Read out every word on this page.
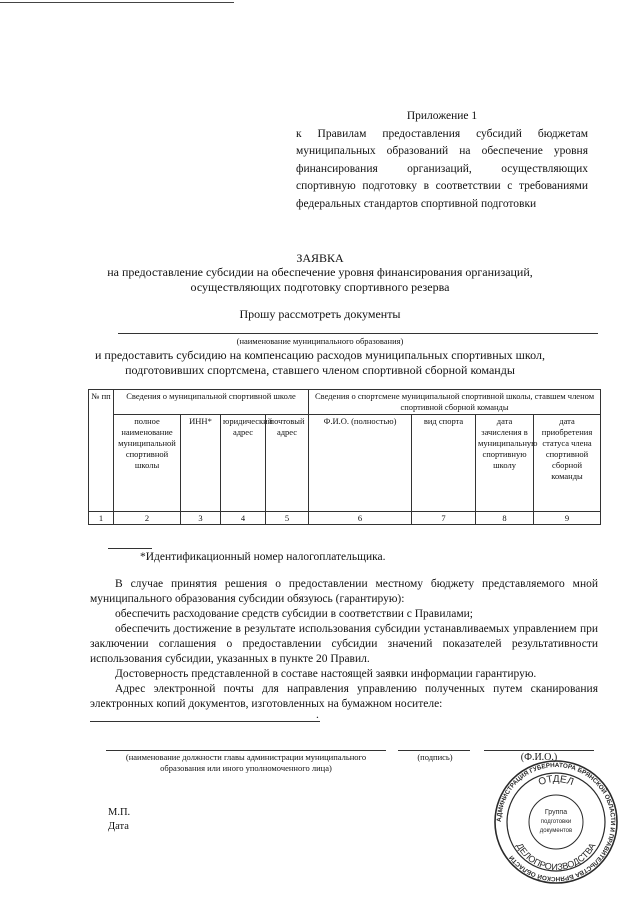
Приложение 1
к Правилам предоставления субсидий бюджетам муниципальных образований на обеспечение уровня финансирования организаций, осуществляющих спортивную подготовку в соответствии с требованиями федеральных стандартов спортивной подготовки
ЗАЯВКА
на предоставление субсидии на обеспечение уровня финансирования организаций,
осуществляющих подготовку спортивного резерва
Прошу рассмотреть документы
(наименование муниципального образования)
и предоставить субсидию на компенсацию расходов муниципальных спортивных школ,
подготовивших спортсмена, ставшего членом спортивной сборной команды
№ пп	Сведения о муниципальной спортивной школе				Сведения о спортсмене муниципальной спортивной школы, ставшем членом спортивной сборной команды			
	полное наименование муниципальной спортивной школы	ИНН*	юридический адрес	почтовый адрес	Ф.И.О. (полностью)	вид спорта	дата зачисления в муниципальную спортивную школу	дата приобретения статуса члена спортивной сборной команды
1	2	3	4	5	6	7	8	9
*Идентификационный номер налогоплательщика.
В случае принятия решения о предоставлении местному бюджету представляемого мной муниципального образования субсидии обязуюсь (гарантирую):
обеспечить расходование средств субсидии в соответствии с Правилами;
обеспечить достижение в результате использования субсидии устанавливаемых управлением при заключении соглашения о предоставлении субсидии значений показателей результативности использования субсидии, указанных в пункте 20 Правил.
Достоверность представленной в составе настоящей заявки информации гарантирую.
Адрес электронной почты для направления управлению полученных путем сканирования электронных копий документов, изготовленных на бумажном носителе:
.
(наименование должности главы администрации муниципального образования или иного уполномоченного лица)
(подпись)	(Ф.И.О.)
М.П.
Дата
АДМИНИСТРАЦИЯ ГУБЕРНАТОРА БРЯНСКОЙ ОБЛАСТИ И ПРАВИТЕЛЬСТВА БРЯНСКОЙ ОБЛАСТИ
ОТДЕЛ
ДЕЛОПРОИЗВОДСТВА
Группа
подготовки
документов
